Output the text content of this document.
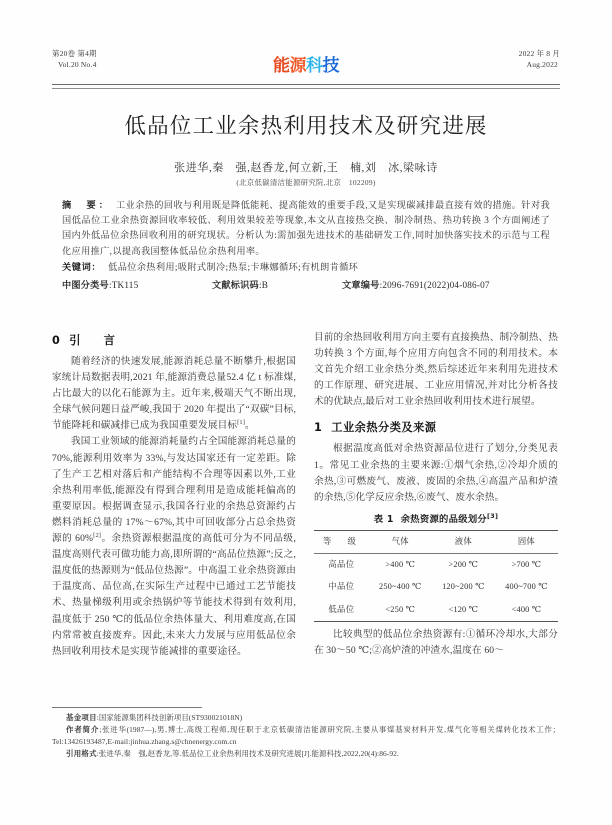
第20卷 第4期
Vol.20 No.4
2022 年 8 月
Aug.2022
能源科技
低品位工业余热利用技术及研究进展
张进华,秦　强,赵香龙,何立新,王　楠,刘　冰,梁咏诗
(北京低碳清洁能源研究院,北京　102209)
摘　要： 工业余热的回收与利用既是降低能耗、提高能效的重要手段,又是实现碳减排最直接有效的措施。针对我国低品位工业余热资源回收率较低、利用效果较差等现象,本文从直接热交换、制冷制热、热功转换 3 个方面阐述了国内外低品位余热回收利用的研究现状。分析认为:需加强先进技术的基础研发工作,同时加快落实技术的示范与工程化应用推广,以提高我国整体低品位余热利用率。
关键词： 低品位余热利用;吸附式制冷;热泵;卡琳娜循环;有机朗肯循环
中图分类号:TK115	文献标识码:B	文章编号:2096-7691(2022)04-086-07
0 引　言

随着经济的快速发展,能源消耗总量不断攀升,根据国家统计局数据表明,2021 年,能源消费总量52.4 亿 t 标准煤,占比最大的以化石能源为主。近年来,极端天气不断出现,全球气候问题日益严峻,我国于 2020 年提出了“双碳”目标,节能降耗和碳减排已成为我国重要发展目标[1]。

我国工业领域的能源消耗量约占全国能源消耗总量的 70%,能源利用效率为 33%,与发达国家还有一定差距。除了生产工艺相对落后和产能结构不合理等因素以外,工业余热利用率低,能源没有得到合理利用是造成能耗偏高的重要原因。根据调查显示,我国各行业的余热总资源约占燃料消耗总量的 17%～67%,其中可回收部分占总余热资源的 60%[2]。余热资源根据温度的高低可分为不同品级,温度高则代表可做功能力高,即所谓的“高品位热源”;反之,温度低的热源则为“低品位热源”。中高温工业余热资源由于温度高、品位高,在实际生产过程中已通过工艺节能技术、热量梯级利用或余热锅炉等节能技术得到有效利用,温度低于 250 ℃的低品位余热体量大、利用难度高,在国内常常被直接废弃。因此,未来大力发展与应用低品位余热回收利用技术是实现节能减排的重要途径。

目前的余热回收利用方向主要有直接换热、制冷制热、热功转换 3 个方面,每个应用方向包含不同的利用技术。本文首先介绍工业余热分类,然后综述近年来利用先进技术的工作原理、研究进展、工业应用情况,并对比分析各技术的优缺点,最后对工业余热回收利用技术进行展望。

1 工业余热分类及来源

根据温度高低对余热资源品位进行了划分,分类见表 1。常见工业余热的主要来源:①烟气余热,②冷却介质的余热,③可燃废气、废液、废固的余热,④高温产品和炉渣的余热,⑤化学反应余热,⑥废气、废水余热。

表 1 余热资源的品级划分[3]
等　级	气体	液体	固体
高品位	>400 ℃	>200 ℃	>700 ℃
中品位	250~400 ℃	120~200 ℃	400~700 ℃
低品位	<250 ℃	<120 ℃	<400 ℃

比较典型的低品位余热资源有:①循环冷却水,大部分在 30～50 ℃;②高炉渣的冲渣水,温度在 60～

基金项目:国家能源集团科技创新项目(ST930021018N)

作者简介;张进华(1987—),男,博士,高级工程师,现任职于北京低碳清洁能源研究院,主要从事煤基炭材料开发,煤气化等相关煤转化技术工作；Tel:13426193487,E-mail:jinhua.zhang.s@chnenergy.com.cn

引用格式:张进华,秦　强,赵香龙,等.低品位工业余热利用技术及研究进展[J].能源科技,2022,20(4):86-92.
